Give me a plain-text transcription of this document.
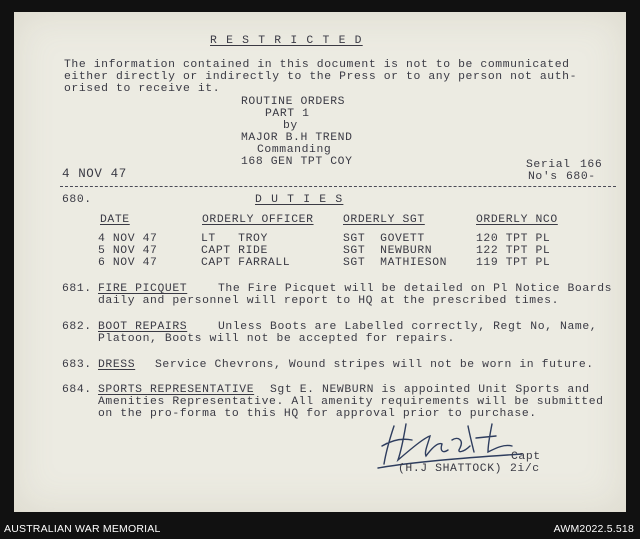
R E S T R I C T E D
The information contained in this document is not to be communicated
either directly or indirectly to the Press or to any person not auth-
orised to receive it.
ROUTINE ORDERS
PART 1
by
MAJOR B.H TREND
Commanding
168 GEN TPT COY
4 NOV 47
Serial 166
No's 680-
680.	D U T I E S
DATE	ORDERLY OFFICER	ORDERLY SGT	ORDERLY NCO
4 NOV 47	LT   TROY	SGT  GOVETT	120 TPT PL
5 NOV 47	CAPT RIDE	SGT  NEWBURN	122 TPT PL
6 NOV 47	CAPT FARRALL	SGT  MATHIESON	119 TPT PL
681. FIRE PICQUET	The Fire Picquet will be detailed on Pl Notice Boards
daily and personnel will report to HQ at the prescribed times.
682. BOOT REPAIRS	Unless Boots are Labelled correctly, Regt No, Name,
Platoon, Boots will not be accepted for repairs.
683. DRESS Service Chevrons, Wound stripes will not be worn in future.
684. SPORTS REPRESENTATIVE Sgt E. NEWBURN is appointed Unit Sports and
Amenities Representative. All amenity requirements will be submitted
on the pro-forma to this HQ for approval prior to purchase.
Capt
(H.J SHATTOCK) 2i/c
AUSTRALIAN WAR MEMORIAL	AWM2022.5.518
